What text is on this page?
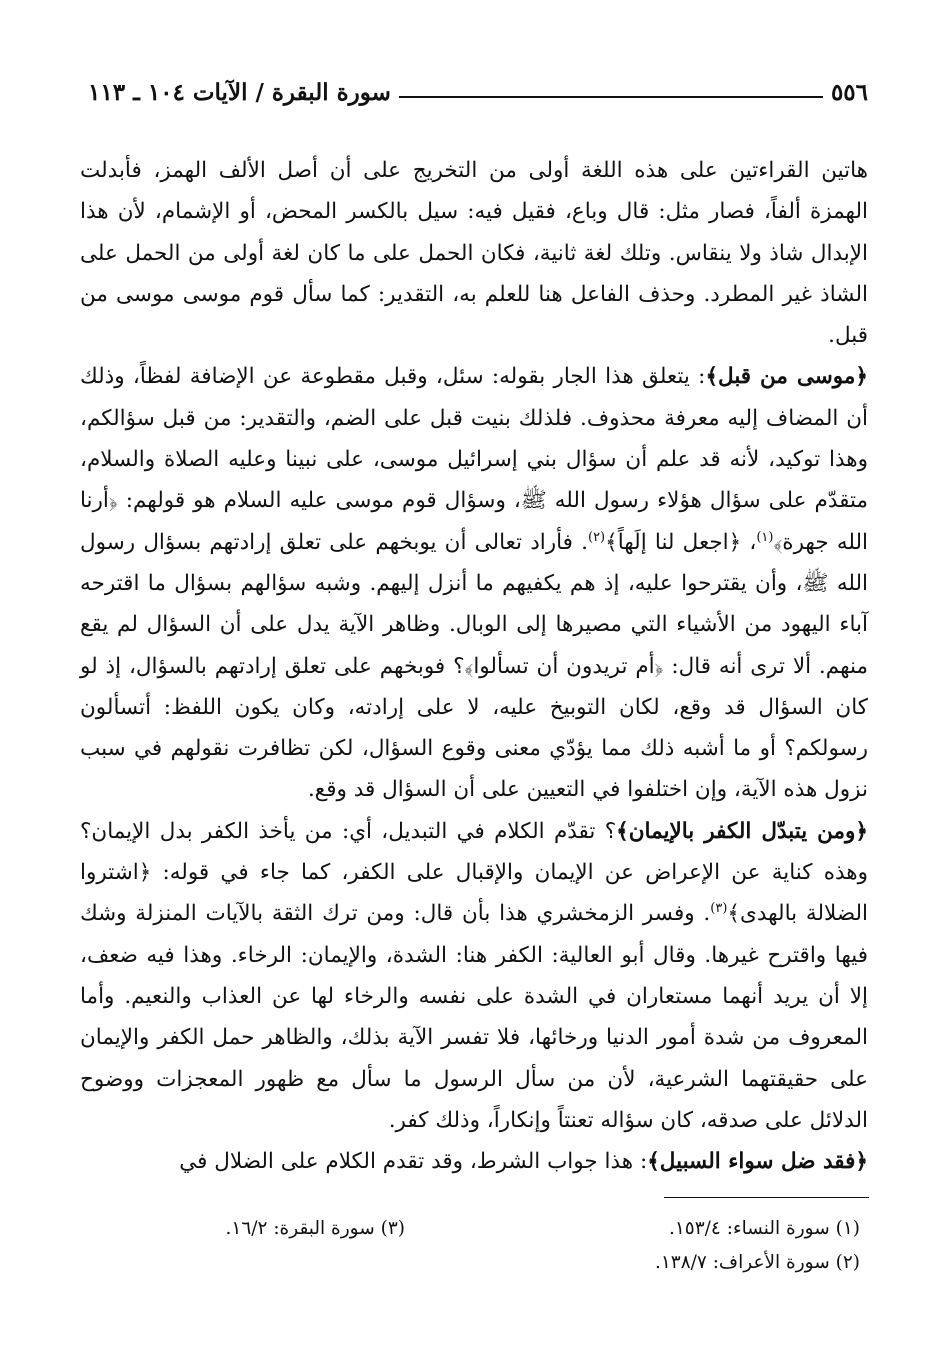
٥٥٦
سورة البقرة / الآيات ١٠٤ ـ ١١٣

هاتين القراءتين على هذه اللغة أولى من التخريج على أن أصل الألف الهمز، فأبدلت الهمزة ألفاً، فصار مثل: قال وباع، فقيل فيه: سيل بالكسر المحض، أو الإشمام، لأن هذا الإبدال شاذ ولا ينقاس. وتلك لغة ثانية، فكان الحمل على ما كان لغة أولى من الحمل على الشاذ غير المطرد. وحذف الفاعل هنا للعلم به، التقدير: كما سأل قوم موسى موسى من قبل.

﴿موسى من قبل﴾: يتعلق هذا الجار بقوله: سئل، وقبل مقطوعة عن الإضافة لفظاً، وذلك أن المضاف إليه معرفة محذوف. فلذلك بنيت قبل على الضم، والتقدير: من قبل سؤالكم، وهذا توكيد، لأنه قد علم أن سؤال بني إسرائيل موسى، على نبينا وعليه الصلاة والسلام، متقدّم على سؤال هؤلاء رسول الله ﷺ، وسؤال قوم موسى عليه السلام هو قولهم: ﴿أرنا الله جهرة﴾$^{(١)}$، ﴿اجعل لنا إلَهاً﴾$^{(٢)}$. فأراد تعالى أن يوبخهم على تعلق إرادتهم بسؤال رسول الله ﷺ، وأن يقترحوا عليه، إذ هم يكفيهم ما أنزل إليهم. وشبه سؤالهم بسؤال ما اقترحه آباء اليهود من الأشياء التي مصيرها إلى الوبال. وظاهر الآية يدل على أن السؤال لم يقع منهم. ألا ترى أنه قال: ﴿أم تريدون أن تسألوا﴾؟ فوبخهم على تعلق إرادتهم بالسؤال، إذ لو كان السؤال قد وقع، لكان التوبيخ عليه، لا على إرادته، وكان يكون اللفظ: أتسألون رسولكم؟ أو ما أشبه ذلك مما يؤدّي معنى وقوع السؤال، لكن تظافرت نقولهم في سبب نزول هذه الآية، وإن اختلفوا في التعيين على أن السؤال قد وقع.

﴿ومن يتبدّل الكفر بالإيمان﴾؟ تقدّم الكلام في التبديل، أي: من يأخذ الكفر بدل الإيمان؟ وهذه كناية عن الإعراض عن الإيمان والإقبال على الكفر، كما جاء في قوله: ﴿اشتروا الضلالة بالهدى﴾$^{(٣)}$. وفسر الزمخشري هذا بأن قال: ومن ترك الثقة بالآيات المنزلة وشك فيها واقترح غيرها. وقال أبو العالية: الكفر هنا: الشدة، والإيمان: الرخاء. وهذا فيه ضعف، إلا أن يريد أنهما مستعاران في الشدة على نفسه والرخاء لها عن العذاب والنعيم. وأما المعروف من شدة أمور الدنيا ورخائها، فلا تفسر الآية بذلك، والظاهر حمل الكفر والإيمان على حقيقتهما الشرعية، لأن من سأل الرسول ما سأل مع ظهور المعجزات ووضوح الدلائل على صدقه، كان سؤاله تعنتاً وإنكاراً، وذلك كفر.

﴿فقد ضل سواء السبيل﴾: هذا جواب الشرط، وقد تقدم الكلام على الضلال في

(١) سورة النساء: ١٥٣/٤.
(٣) سورة البقرة: ١٦/٢.
(٢) سورة الأعراف: ١٣٨/٧.
